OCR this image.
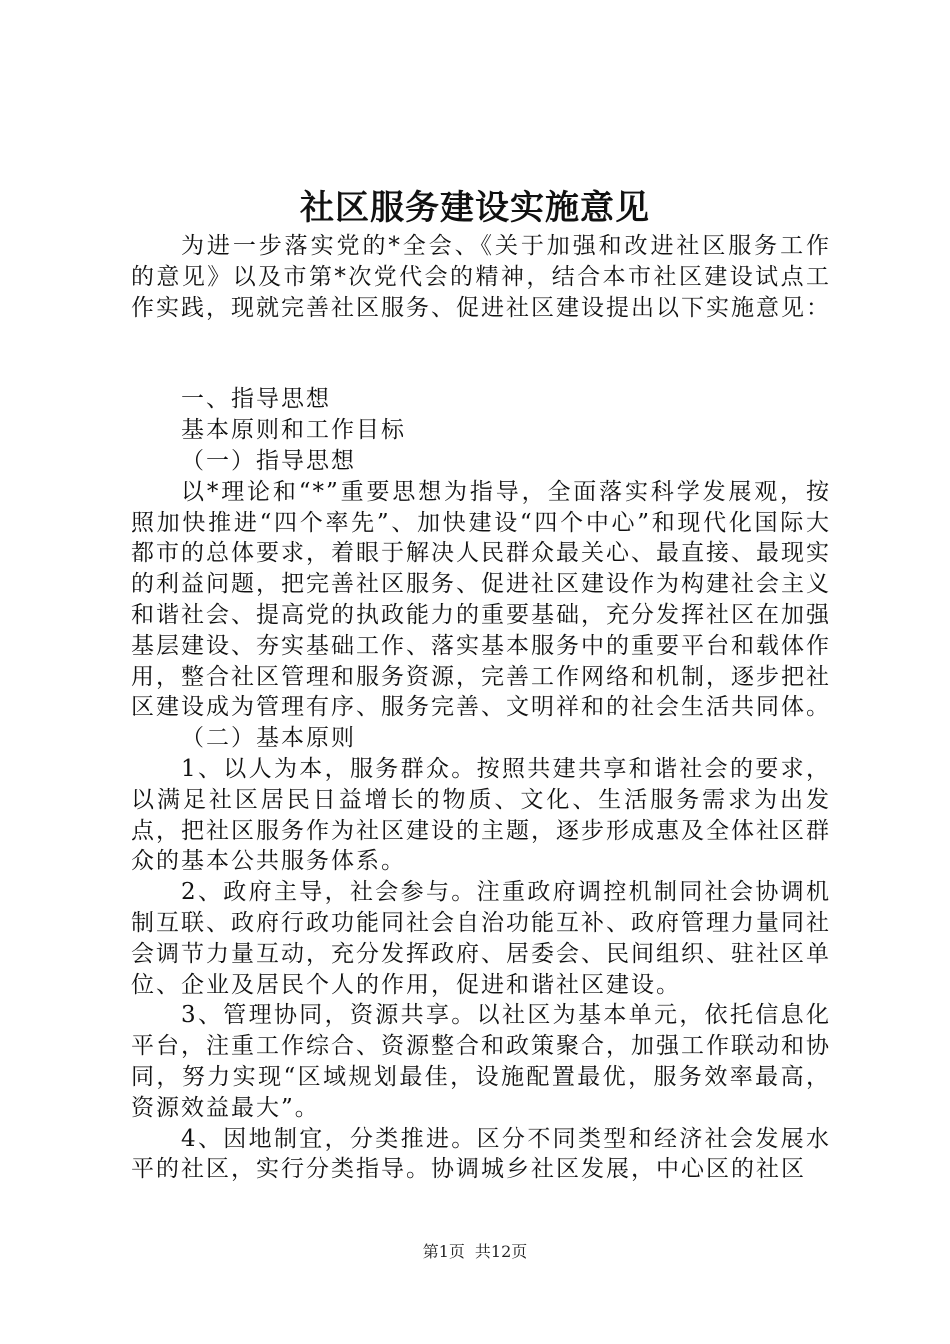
社区服务建设实施意见

为进一步落实党的*全会、《关于加强和改进社区服务工作的意见》以及市第*次党代会的精神，结合本市社区建设试点工作实践，现就完善社区服务、促进社区建设提出以下实施意见：

一、指导思想

基本原则和工作目标

（一）指导思想

以*理论和“*”重要思想为指导，全面落实科学发展观，按照加快推进“四个率先”、加快建设“四个中心”和现代化国际大都市的总体要求，着眼于解决人民群众最关心、最直接、最现实的利益问题，把完善社区服务、促进社区建设作为构建社会主义和谐社会、提高党的执政能力的重要基础，充分发挥社区在加强基层建设、夯实基础工作、落实基本服务中的重要平台和载体作用，整合社区管理和服务资源，完善工作网络和机制，逐步把社区建设成为管理有序、服务完善、文明祥和的社会生活共同体。

（二）基本原则

1、以人为本，服务群众。按照共建共享和谐社会的要求，以满足社区居民日益增长的物质、文化、生活服务需求为出发点，把社区服务作为社区建设的主题，逐步形成惠及全体社区群众的基本公共服务体系。

2、政府主导，社会参与。注重政府调控机制同社会协调机制互联、政府行政功能同社会自治功能互补、政府管理力量同社会调节力量互动，充分发挥政府、居委会、民间组织、驻社区单位、企业及居民个人的作用，促进和谐社区建设。

3、管理协同，资源共享。以社区为基本单元，依托信息化平台，注重工作综合、资源整合和政策聚合，加强工作联动和协同，努力实现“区域规划最佳，设施配置最优，服务效率最高，资源效益最大”。

4、因地制宜，分类推进。区分不同类型和经济社会发展水平的社区，实行分类指导。协调城乡社区发展，中心区的社区

第1页 共12页
